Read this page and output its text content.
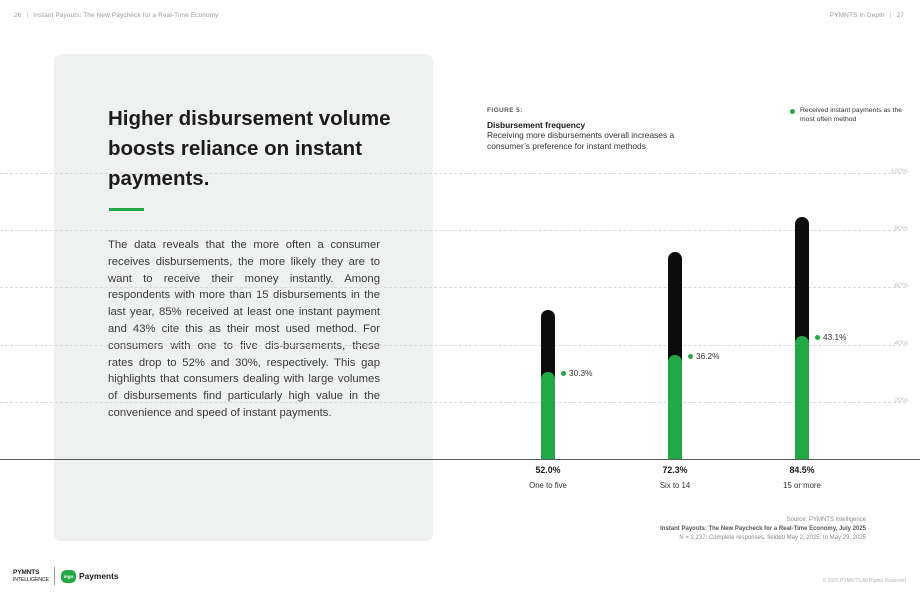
26 | Instant Payouts: The New Paycheck for a Real-Time Economy	PYMNTS In Depth | 27
Higher disbursement volume boosts reliance on instant payments.

The data reveals that the more often a consumer receives disbursements, the more likely they are to want to receive their money instantly. Among respondents with more than 15 disbursements in the last year, 85% received at least one instant payment and 43% cite this as their most used method. For consumers with one to five dis-bursements, these rates drop to 52% and 30%, respectively. This gap highlights that consumers dealing with large volumes of disbursements find particularly high value in the convenience and speed of instant payments.

FIGURE 5:
Disbursement frequency
Receiving more disbursements overall increases a consumer’s preference for instant methods
Received instant payments as the most often method
100%
80%
60%
40%
20%
30.3%
52.0%
One to five
36.2%
72.3%
Six to 14
43.1%
84.5%
15 or more
Source: PYMNTS Intelligence
Instant Payouts: The New Paycheck for a Real-Time Economy, July 2025
N = 2,237: Complete responses, fielded May 2, 2025, to May 29, 2025
PYMNTS
INTELLIGENCE	ingo Payments	© 2025 PYMNTS All Rights Reserved
